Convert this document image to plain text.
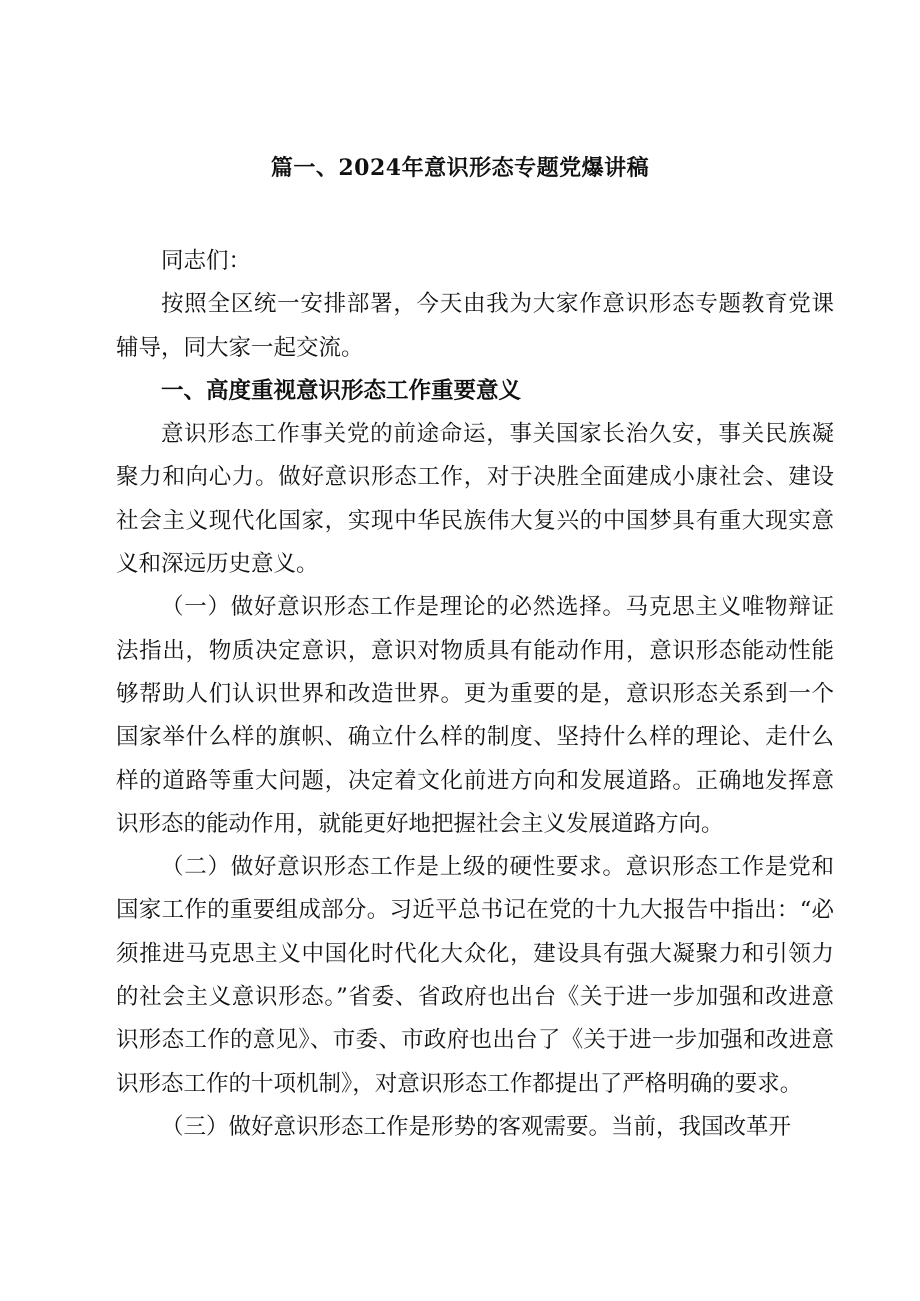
篇一、2024年意识形态专题党爆讲稿

同志们：

按照全区统一安排部署，今天由我为大家作意识形态专题教育党课辅导，同大家一起交流。

一、高度重视意识形态工作重要意义

意识形态工作事关党的前途命运，事关国家长治久安，事关民族凝聚力和向心力。做好意识形态工作，对于决胜全面建成小康社会、建设社会主义现代化国家，实现中华民族伟大复兴的中国梦具有重大现实意义和深远历史意义。

（一）做好意识形态工作是理论的必然选择。马克思主义唯物辩证法指出，物质决定意识，意识对物质具有能动作用，意识形态能动性能够帮助人们认识世界和改造世界。更为重要的是，意识形态关系到一个国家举什么样的旗帜、确立什么样的制度、坚持什么样的理论、走什么样的道路等重大问题，决定着文化前进方向和发展道路。正确地发挥意识形态的能动作用，就能更好地把握社会主义发展道路方向。

（二）做好意识形态工作是上级的硬性要求。意识形态工作是党和国家工作的重要组成部分。习近平总书记在党的十九大报告中指出：“必须推进马克思主义中国化时代化大众化，建设具有强大凝聚力和引领力的社会主义意识形态。”省委、省政府也出台《关于进一步加强和改进意识形态工作的意见》、市委、市政府也出台了《关于进一步加强和改进意识形态工作的十项机制》，对意识形态工作都提出了严格明确的要求。

（三）做好意识形态工作是形势的客观需要。当前，我国改革开
